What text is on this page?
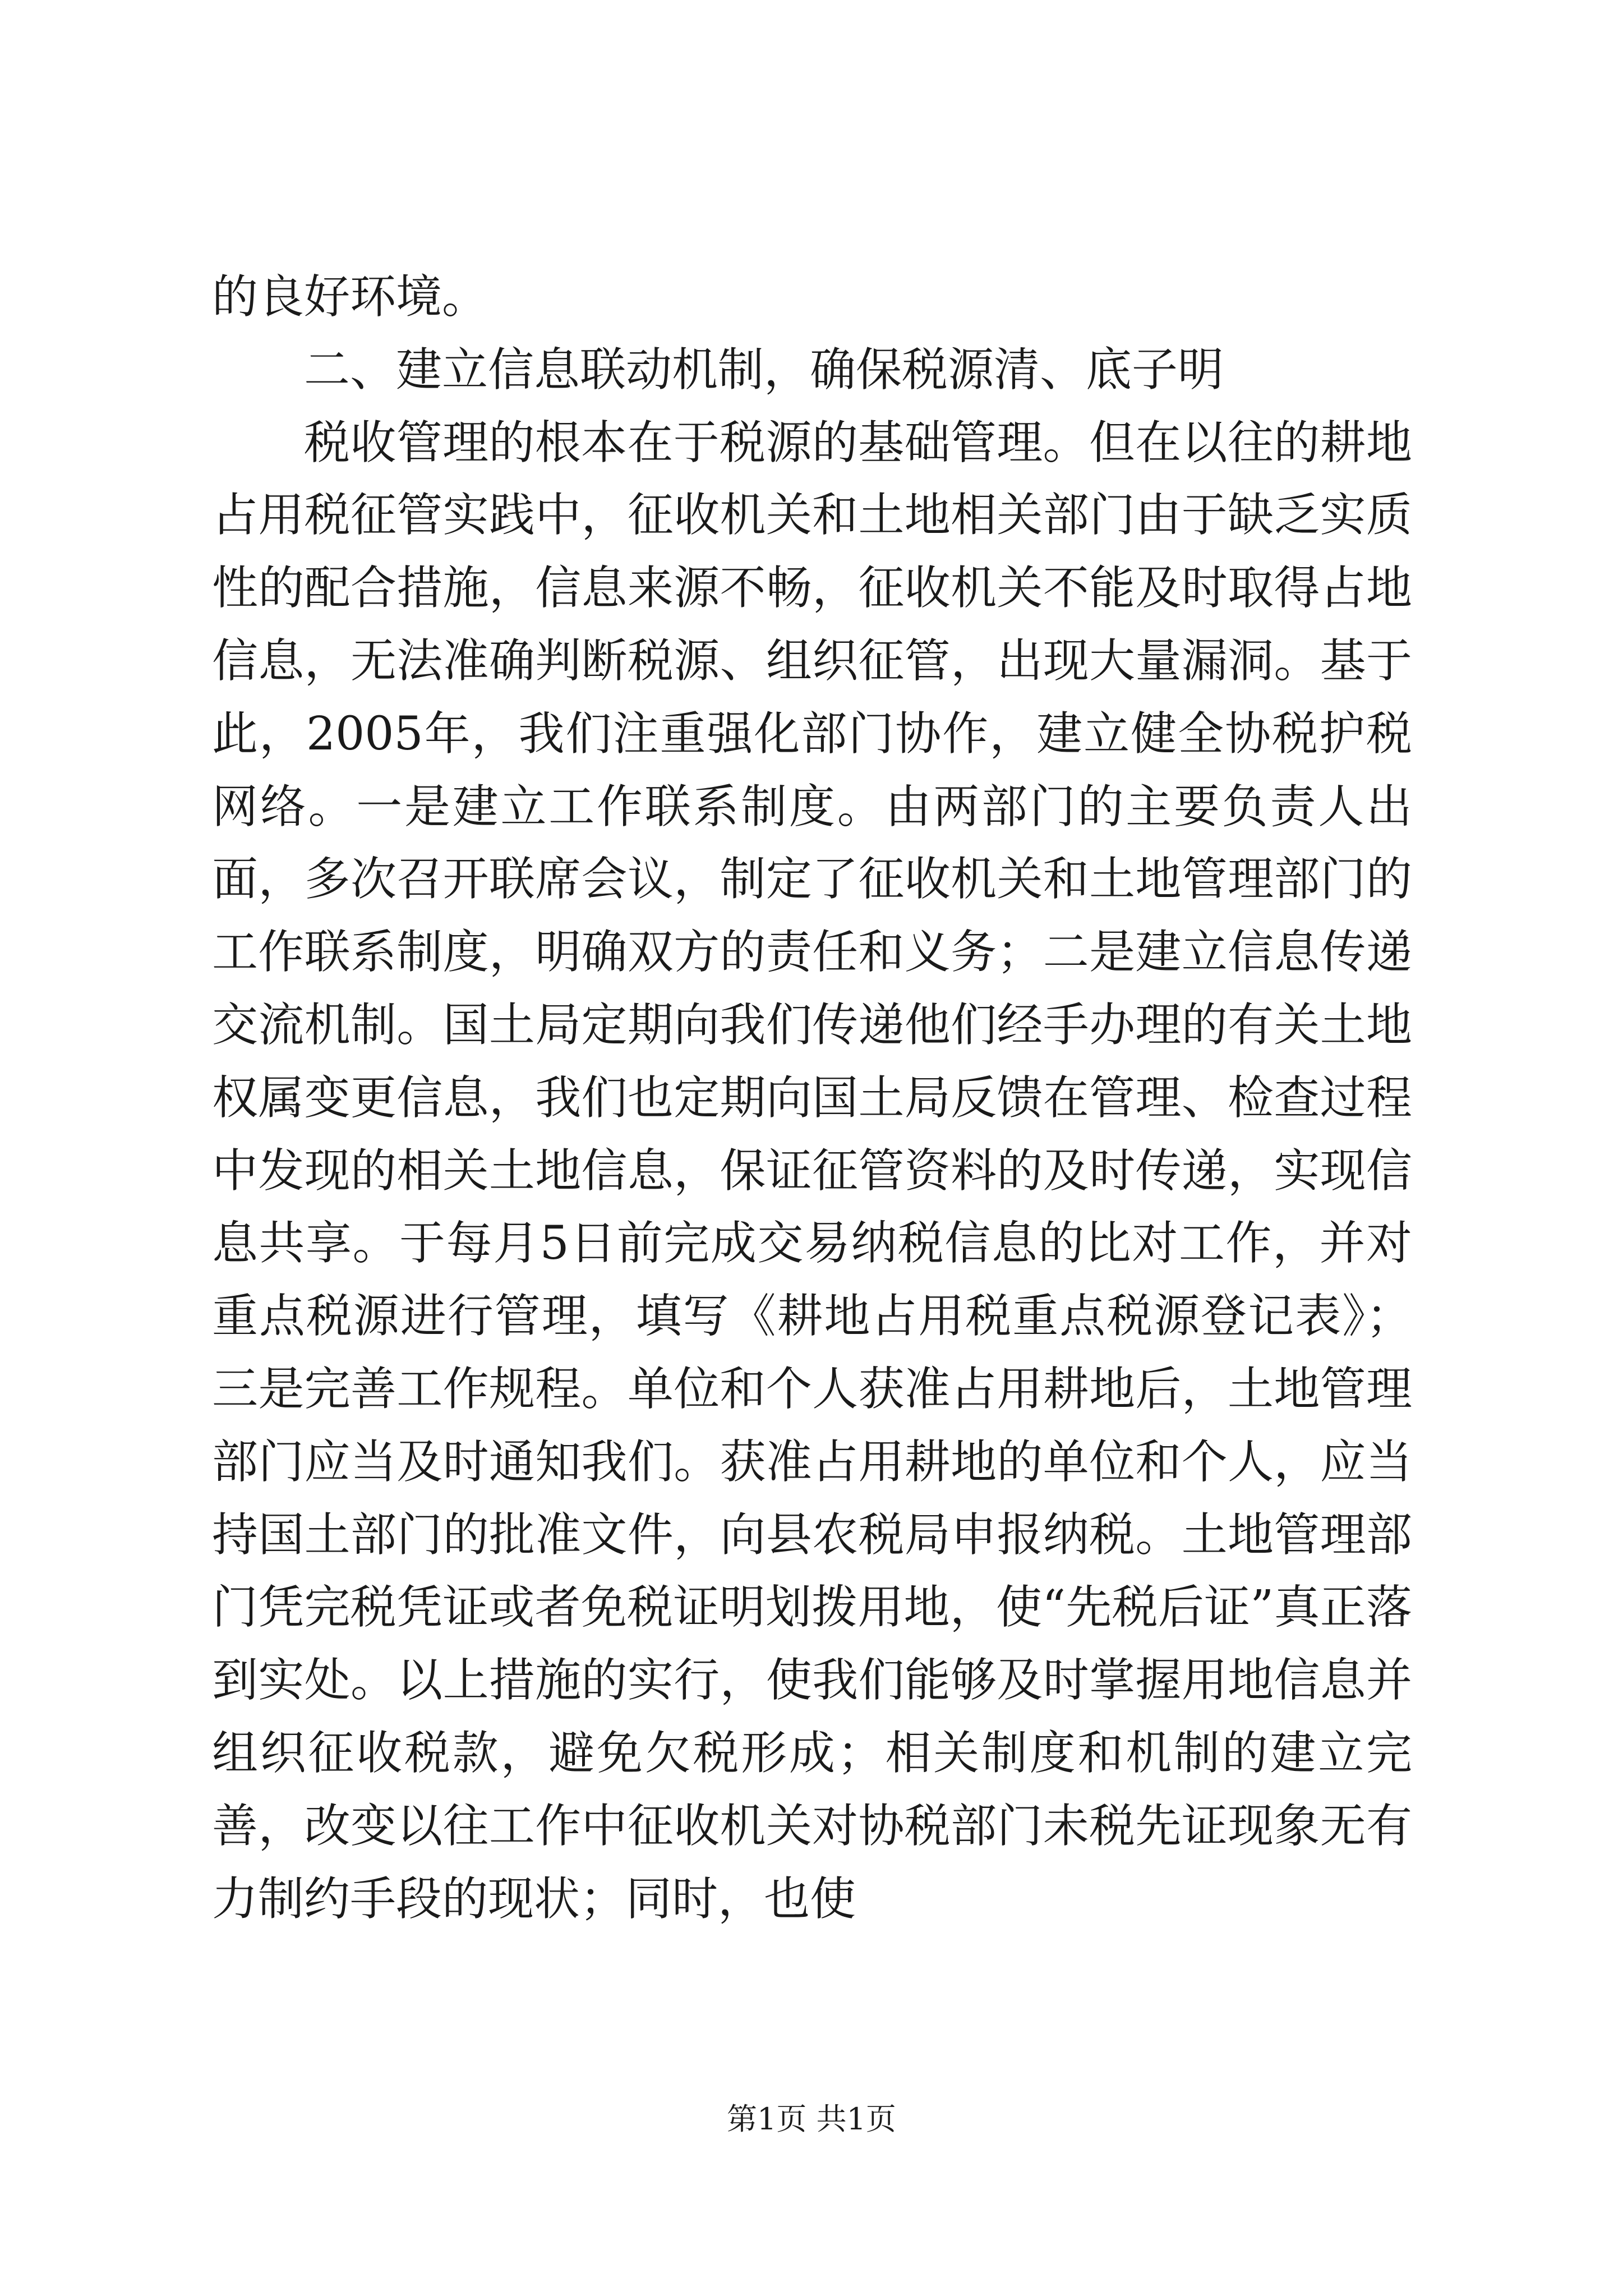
的良好环境。

二、建立信息联动机制，确保税源清、底子明

税收管理的根本在于税源的基础管理。但在以往的耕地占用税征管实践中，征收机关和土地相关部门由于缺乏实质性的配合措施，信息来源不畅，征收机关不能及时取得占地信息，无法准确判断税源、组织征管，出现大量漏洞。基于此，2005年，我们注重强化部门协作，建立健全协税护税网络。一是建立工作联系制度。由两部门的主要负责人出面，多次召开联席会议，制定了征收机关和土地管理部门的工作联系制度，明确双方的责任和义务；二是建立信息传递交流机制。国土局定期向我们传递他们经手办理的有关土地权属变更信息，我们也定期向国土局反馈在管理、检查过程中发现的相关土地信息，保证征管资料的及时传递，实现信息共享。于每月5日前完成交易纳税信息的比对工作，并对重点税源进行管理，填写《耕地占用税重点税源登记表》；三是完善工作规程。单位和个人获准占用耕地后，土地管理部门应当及时通知我们。获准占用耕地的单位和个人，应当持国土部门的批准文件，向县农税局申报纳税。土地管理部门凭完税凭证或者免税证明划拨用地，使“先税后证”真正落到实处。以上措施的实行，使我们能够及时掌握用地信息并组织征收税款，避免欠税形成；相关制度和机制的建立完善，改变以往工作中征收机关对协税部门未税先证现象无有力制约手段的现状；同时，也使

第1页 共1页
